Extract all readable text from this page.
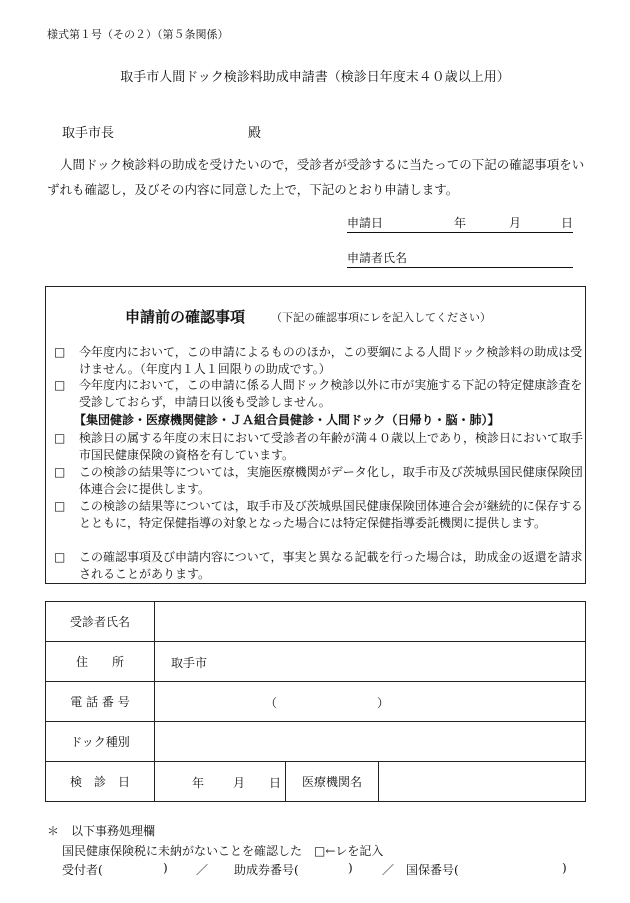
様式第１号（その２）（第５条関係）
取手市人間ドック検診料助成申請書（検診日年度末４０歳以上用）
取手市長	殿
人間ドック検診料の助成を受けたいので，受診者が受診するに当たっての下記の確認事項をいずれも確認し，及びその内容に同意した上で，下記のとおり申請します。
申請日	年	月	日
申請者氏名
申請前の確認事項 （下記の確認事項にレを記入してください）
□ 今年度内において，この申請によるもののほか，この要綱による人間ドック検診料の助成は受けません。（年度内１人１回限りの助成です。）
□ 今年度内において，この申請に係る人間ドック検診以外に市が実施する下記の特定健康診査を受診しておらず，申請日以後も受診しません。
【集団健診・医療機関健診・ＪＡ組合員健診・人間ドック（日帰り・脳・肺）】
□ 検診日の属する年度の末日において受診者の年齢が満４０歳以上であり，検診日において取手市国民健康保険の資格を有しています。
□ この検診の結果等については，実施医療機関がデータ化し，取手市及び茨城県国民健康保険団体連合会に提供します。
□ この検診の結果等については，取手市及び茨城県国民健康保険団体連合会が継続的に保存するとともに，特定保健指導の対象となった場合には特定保健指導委託機関に提供します。
□ この確認事項及び申請内容について，事実と異なる記載を行った場合は，助成金の返還を請求されることがあります。
受診者氏名			
住　　所	取手市		

電 話 番 号	（ ）		

ドック種別			
検　診　日	年 月 日	医療機関名	
＊　以下事務処理欄
国民健康保険税に未納がないことを確認した　□←レを記入
受付者(	) ／ 助成券番号(	) ／ 国保番号(	)
